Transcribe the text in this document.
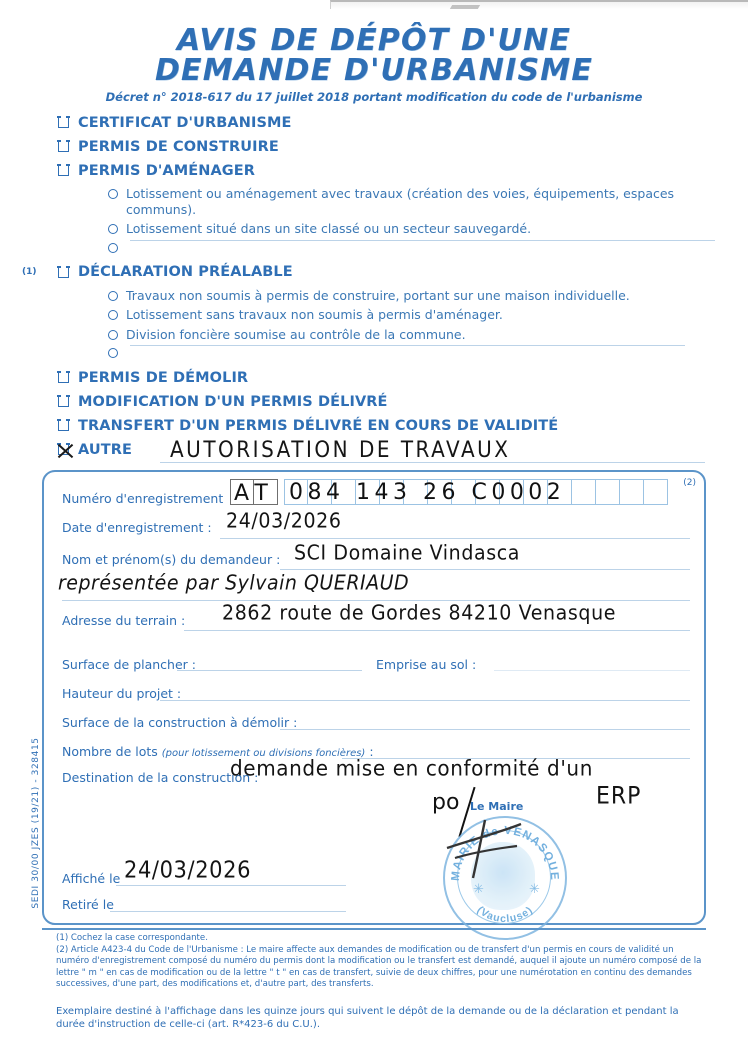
AVIS DE DÉPÔT D'UNE
DEMANDE D'URBANISME
Décret n° 2018-617 du 17 juillet 2018 portant modification du code de l'urbanisme
CERTIFICAT D'URBANISME
PERMIS DE CONSTRUIRE
PERMIS D'AMÉNAGER
Lotissement ou aménagement avec travaux (création des voies, équipements, espaces communs).
Lotissement situé dans un site classé ou un secteur sauvegardé.
(1)	DÉCLARATION PRÉALABLE
Travaux non soumis à permis de construire, portant sur une maison individuelle.
Lotissement sans travaux non soumis à permis d'aménager.
Division foncière soumise au contrôle de la commune.
PERMIS DE DÉMOLIR
MODIFICATION D'UN PERMIS DÉLIVRÉ
TRANSFERT D'UN PERMIS DÉLIVRÉ EN COURS DE VALIDITÉ
AUTRE AUTORISATION DE TRAVAUX
(2)
Numéro d'enregistrement AT 084 143 26 C0002
Date d'enregistrement : 24/03/2026
Nom et prénom(s) du demandeur : SCI Domaine Vindasca
représentée par Sylvain QUERIAUD
Adresse du terrain : 2862 route de Gordes 84210 Venasque
Surface de plancher :	Emprise au sol :
Hauteur du projet :
Surface de la construction à démolir :
Nombre de lots (pour lotissement ou divisions foncières) :
Destination de la construction :
demande mise en conformité d'un
ERP
Affiché le 24/03/2026
Retiré le
po Le Maire
MAIRIE de VENASQUE
(Vaucluse)
✳	✳
(1) Cochez la case correspondante.
(2) Article A423-4 du Code de l'Urbanisme : Le maire affecte aux demandes de modification ou de transfert d'un permis en cours de validité un numéro d'enregistrement composé du numéro du permis dont la modification ou le transfert est demandé, auquel il ajoute un numéro composé de la lettre " m " en cas de modification ou de la lettre " t " en cas de transfert, suivie de deux chiffres, pour une numérotation en continu des demandes successives, d'une part, des modifications et, d'autre part, des transferts.
Exemplaire destiné à l'affichage dans les quinze jours qui suivent le dépôt de la demande ou de la déclaration et pendant la durée d'instruction de celle-ci (art. R*423-6 du C.U.).
SEDI 30/00 JZES (19/21) - 328415
